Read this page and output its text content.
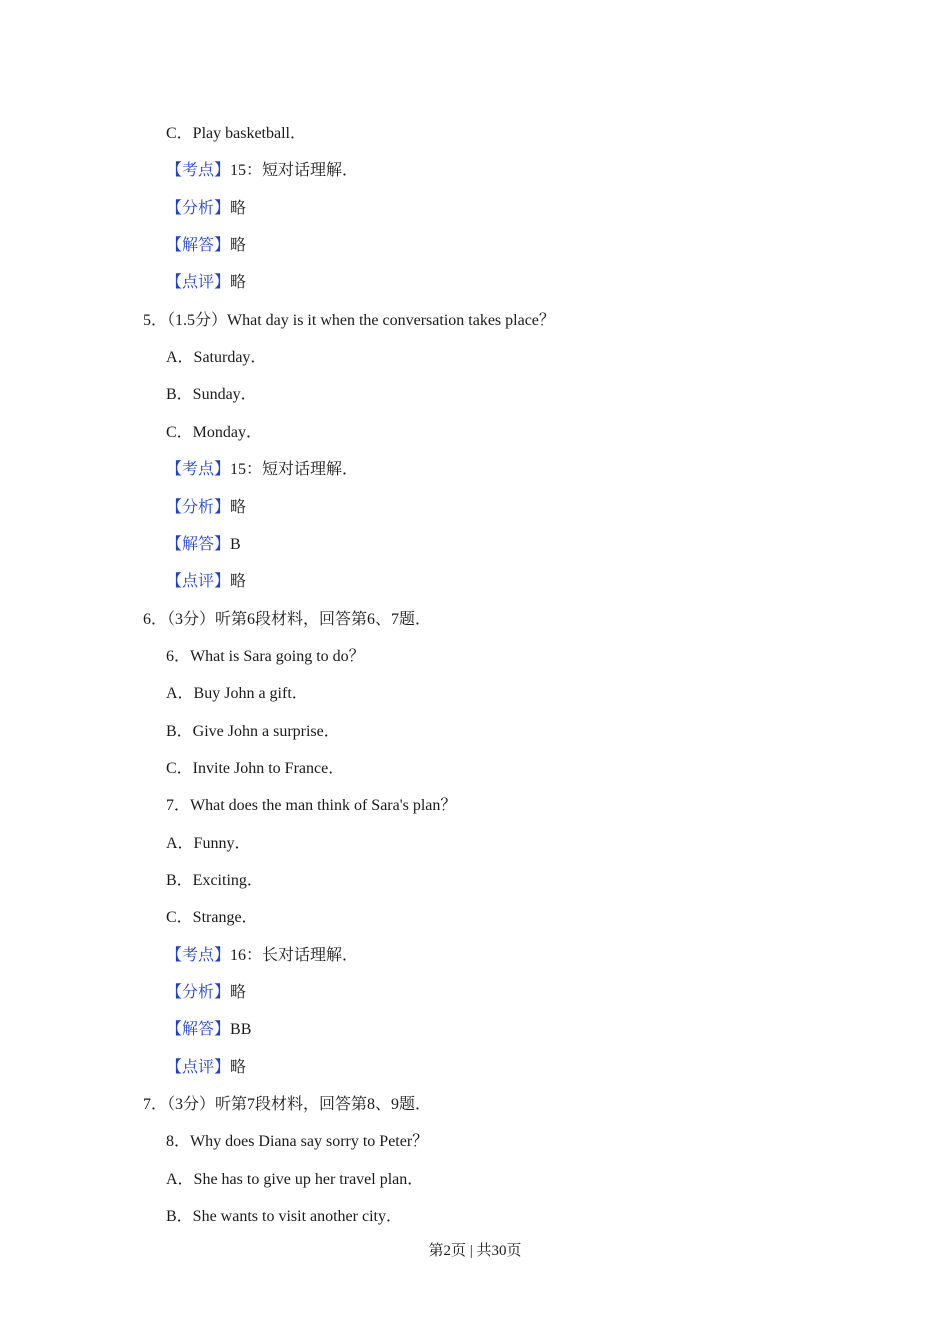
C．Play basketball．
【考点】15：短对话理解．
【分析】略
【解答】略
【点评】略
5．（1.5分）What day is it when the conversation takes place？
A．Saturday．
B．Sunday．
C．Monday．
【考点】15：短对话理解．
【分析】略
【解答】B
【点评】略
6．（3分）听第6段材料，回答第6、7题．
6．What is Sara going to do？
A．Buy John a gift．
B．Give John a surprise．
C．Invite John to France．
7．What does the man think of Sara's plan？
A．Funny．
B．Exciting．
C．Strange．
【考点】16：长对话理解．
【分析】略
【解答】BB
【点评】略
7．（3分）听第7段材料，回答第8、9题．
8．Why does Diana say sorry to Peter？
A．She has to give up her travel plan．
B．She wants to visit another city．
第2页 | 共30页
